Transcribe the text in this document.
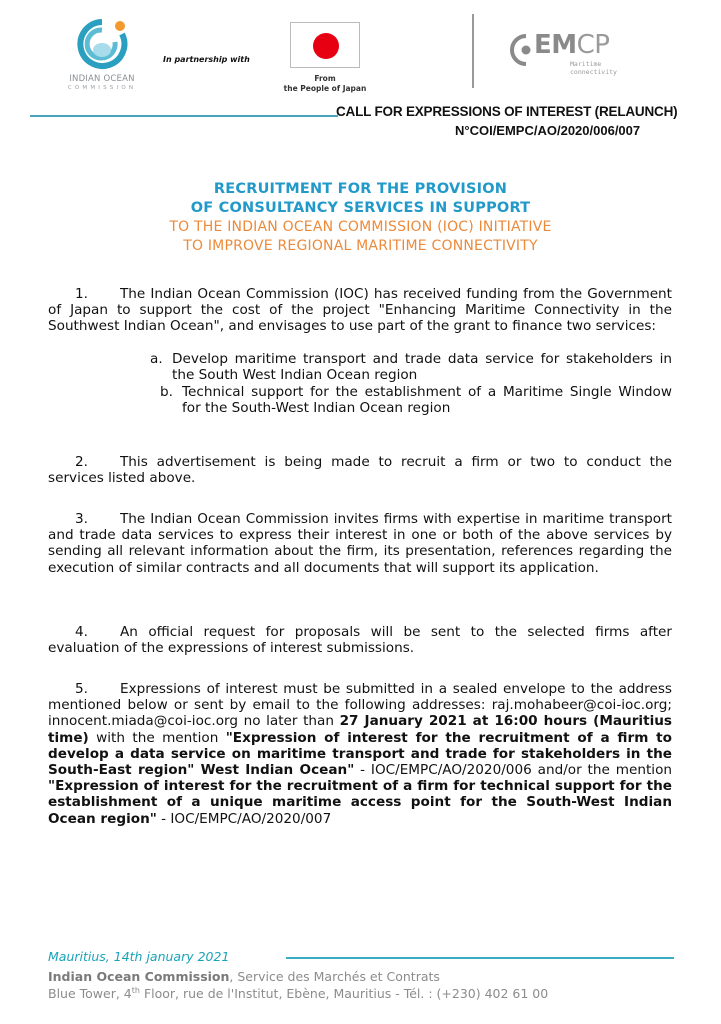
INDIAN OCEAN
COMMISSION
In partnership with
From
the People of Japan
EMCP
Maritime
connectivity
CALL FOR EXPRESSIONS OF INTEREST (RELAUNCH)
N°COI/EMPC/AO/2020/006/007
RECRUITMENT FOR THE PROVISION
OF CONSULTANCY SERVICES IN SUPPORT
TO THE INDIAN OCEAN COMMISSION (IOC) INITIATIVE
TO IMPROVE REGIONAL MARITIME CONNECTIVITY
1. The Indian Ocean Commission (IOC) has received funding from the Government of Japan to support the cost of the project "Enhancing Maritime Connectivity in the Southwest Indian Ocean", and envisages to use part of the grant to finance two services:
a. Develop maritime transport and trade data service for stakeholders in the South West Indian Ocean region
b. Technical support for the establishment of a Maritime Single Window for the South-West Indian Ocean region
2. This advertisement is being made to recruit a firm or two to conduct the services listed above.
3. The Indian Ocean Commission invites firms with expertise in maritime transport and trade data services to express their interest in one or both of the above services by sending all relevant information about the firm, its presentation, references regarding the execution of similar contracts and all documents that will support its application.
4. An official request for proposals will be sent to the selected firms after evaluation of the expressions of interest submissions.
5. Expressions of interest must be submitted in a sealed envelope to the address mentioned below or sent by email to the following addresses: raj.mohabeer@coi-ioc.org; innocent.miada@coi-ioc.org no later than 27 January 2021 at 16:00 hours (Mauritius time) with the mention "Expression of interest for the recruitment of a firm to develop a data service on maritime transport and trade for stakeholders in the South-East region" West Indian Ocean" - IOC/EMPC/AO/2020/006 and/or the mention "Expression of interest for the recruitment of a firm for technical support for the establishment of a unique maritime access point for the South-West Indian Ocean region" - IOC/EMPC/AO/2020/007
Mauritius, 14th january 2021
Indian Ocean Commission, Service des Marchés et Contrats
Blue Tower, 4th Floor, rue de l'Institut, Ebène, Mauritius - Tél. : (+230) 402 61 00
